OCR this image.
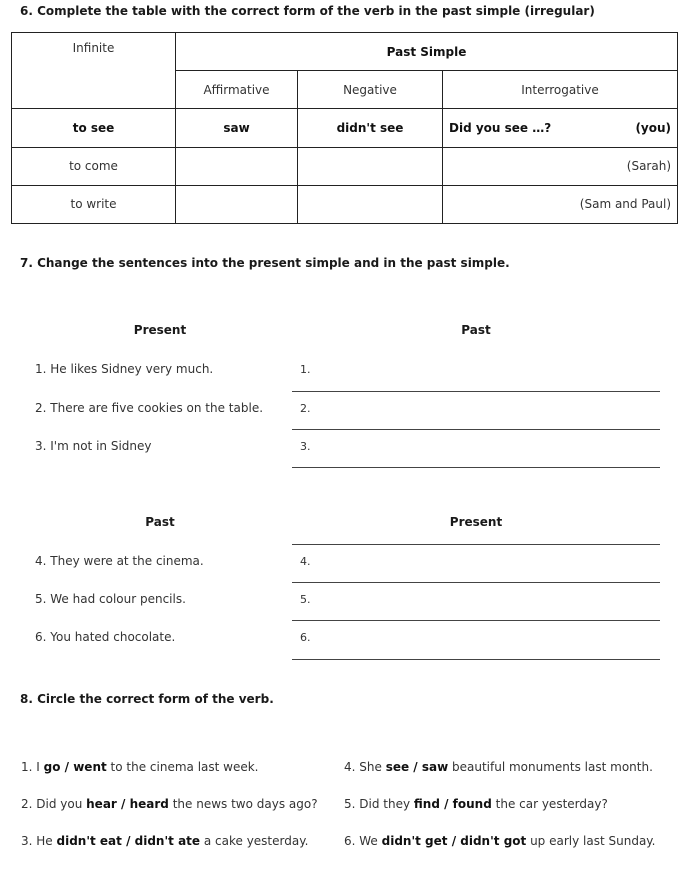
6. Complete the table with the correct form of the verb in the past simple (irregular)
Infinite	Past Simple		
	Affirmative	Negative	Interrogative
to see	saw	didn't see	Did you see …? (you)

to come			(Sarah)

to write			(Sam and Paul)
7. Change the sentences into the present simple and in the past simple.
Present	Past
1. He likes Sidney very much.	1.
2. There are five cookies on the table.	2.
3. I'm not in Sidney	3.
Past	Present
4. They were at the cinema.	4.
5. We had colour pencils.	5.
6. You hated chocolate.	6.
8. Circle the correct form of the verb.
1. I go / went to the cinema last week.
2. Did you hear / heard the news two days ago?
3. He didn't eat / didn't ate a cake yesterday.
4. She see / saw beautiful monuments last month.
5. Did they find / found the car yesterday?
6. We didn't get / didn't got up early last Sunday.
